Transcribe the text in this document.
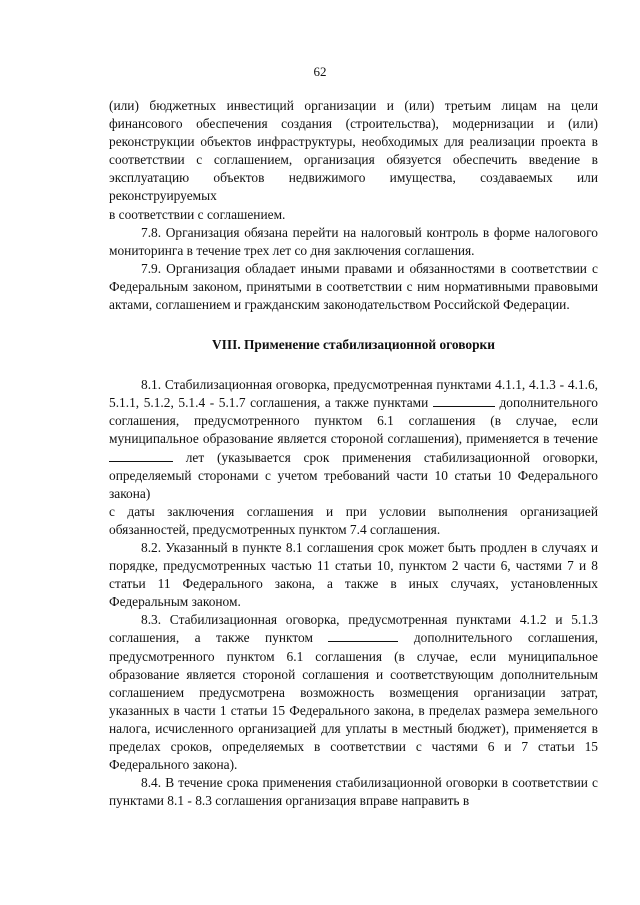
62

(или) бюджетных инвестиций организации и (или) третьим лицам на цели финансового обеспечения создания (строительства), модернизации и (или) реконструкции объектов инфраструктуры, необходимых для реализации проекта в соответствии с соглашением, организация обязуется обеспечить введение в эксплуатацию объектов недвижимого имущества, создаваемых или реконструируемых

в соответствии с соглашением.

7.8. Организация обязана перейти на налоговый контроль в форме налогового мониторинга в течение трех лет со дня заключения соглашения.

7.9. Организация обладает иными правами и обязанностями в соответствии с Федеральным законом, принятыми в соответствии с ним нормативными правовыми актами, соглашением и гражданским законодательством Российской Федерации.

VIII. Применение стабилизационной оговорки

8.1. Стабилизационная оговорка, предусмотренная пунктами 4.1.1, 4.1.3 - 4.1.6, 5.1.1, 5.1.2, 5.1.4 - 5.1.7 соглашения, а также пунктами	дополнительного соглашения, предусмотренного пунктом 6.1 соглашения (в случае, если муниципальное образование является стороной соглашения), применяется в течение  лет (указывается срок применения стабилизационной оговорки, определяемый сторонами с учетом требований части 10 статьи 10 Федерального закона)

с даты заключения соглашения и при условии выполнения организацией обязанностей, предусмотренных пунктом 7.4 соглашения.

8.2. Указанный в пункте 8.1 соглашения срок может быть продлен в случаях и порядке, предусмотренных частью 11 статьи 10, пунктом 2 части 6, частями 7 и 8 статьи 11 Федерального закона, а также в иных случаях, установленных Федеральным законом.

8.3. Стабилизационная оговорка, предусмотренная пунктами 4.1.2 и 5.1.3 соглашения, а также пунктом	дополнительного соглашения, предусмотренного пунктом 6.1 соглашения (в случае, если муниципальное образование является стороной соглашения и соответствующим дополнительным соглашением предусмотрена возможность возмещения организации затрат, указанных в части 1 статьи 15 Федерального закона, в пределах размера земельного налога, исчисленного организацией для уплаты в местный бюджет), применяется в пределах сроков, определяемых в соответствии с частями 6 и 7 статьи 15 Федерального закона).

8.4. В течение срока применения стабилизационной оговорки в соответствии с пунктами 8.1 - 8.3 соглашения организация вправе направить в
